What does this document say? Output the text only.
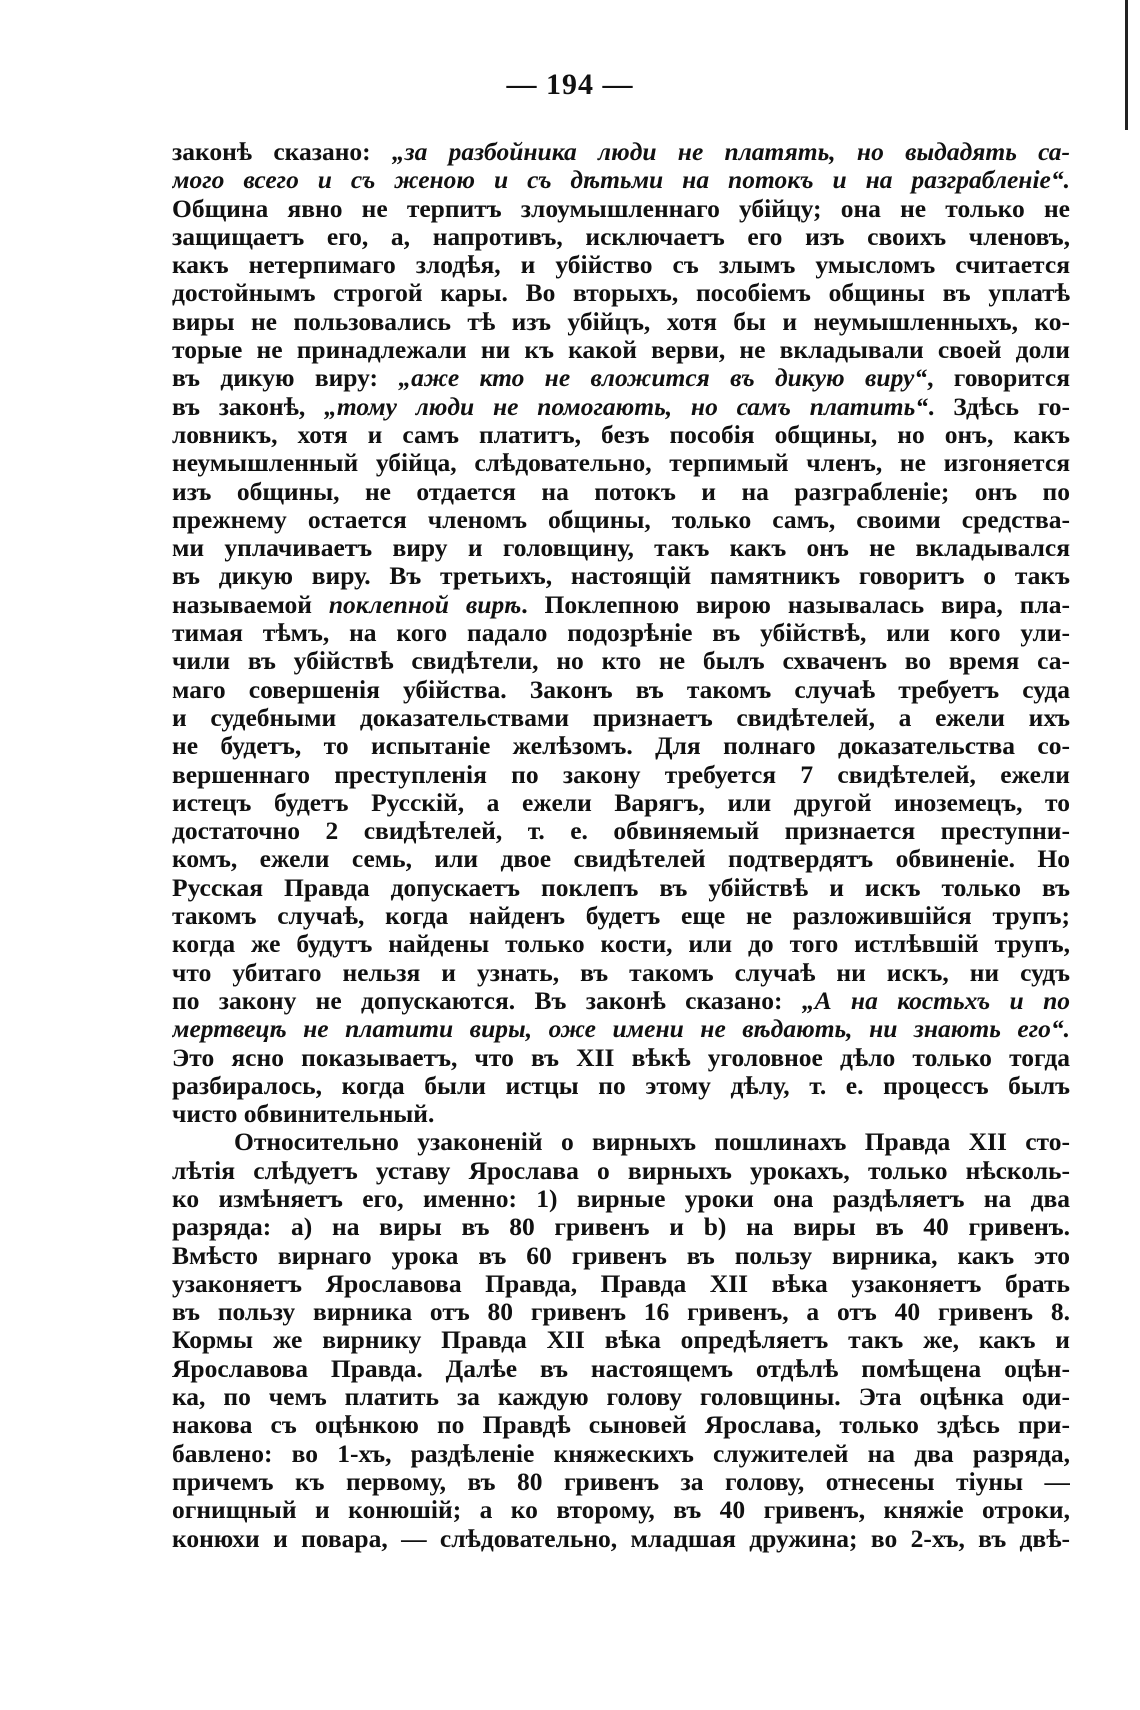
— 194 —
законѣ сказано: „за разбойника люди не платять, но выдадять са-
мого всего и съ женою и съ дѣтьми на потокъ и на разграбленіе“.
Община явно не терпитъ злоумышленнаго убійцу; она не только не
защищаетъ его, а, напротивъ, исключаетъ его изъ своихъ членовъ,
какъ нетерпимаго злодѣя, и убійство съ злымъ умысломъ считается
достойнымъ строгой кары. Во вторыхъ, пособіемъ общины въ уплатѣ
виры не пользовались тѣ изъ убійцъ, хотя бы и неумышленныхъ, ко-
торые не принадлежали ни къ какой верви, не вкладывали своей доли
въ дикую виру: „аже кто не вложится въ дикую виру“, говорится
въ законѣ, „тому люди не помогають, но самъ платить“. Здѣсь го-
ловникъ, хотя и самъ платитъ, безъ пособія общины, но онъ, какъ
неумышленный убійца, слѣдовательно, терпимый членъ, не изгоняется
изъ общины, не отдается на потокъ и на разграбленіе; онъ по
прежнему остается членомъ общины, только самъ, своими средства-
ми уплачиваетъ виру и головщину, такъ какъ онъ не вкладывался
въ дикую виру. Въ третьихъ, настоящій памятникъ говоритъ о такъ
называемой поклепной вирѣ. Поклепною вирою называлась вира, пла-
тимая тѣмъ, на кого падало подозрѣніе въ убійствѣ, или кого ули-
чили въ убійствѣ свидѣтели, но кто не былъ схваченъ во время са-
маго совершенія убійства. Законъ въ такомъ случаѣ требуетъ суда
и судебными доказательствами признаетъ свидѣтелей, а ежели ихъ
не будетъ, то испытаніе желѣзомъ. Для полнаго доказательства со-
вершеннаго преступленія по закону требуется 7 свидѣтелей, ежели
истецъ будетъ Русскій, а ежели Варягъ, или другой иноземецъ, то
достаточно 2 свидѣтелей, т. е. обвиняемый признается преступни-
комъ, ежели семь, или двое свидѣтелей подтвердятъ обвиненіе. Но
Русская Правда допускаетъ поклепъ въ убійствѣ и искъ только въ
такомъ случаѣ, когда найденъ будетъ еще не разложившійся трупъ;
когда же будутъ найдены только кости, или до того истлѣвшій трупъ,
что убитаго нельзя и узнать, въ такомъ случаѣ ни искъ, ни судъ
по закону не допускаются. Въ законѣ сказано: „А на костьхъ и по
мертвецѣ не платити виры, оже имени не вѣдають, ни знають его“.
Это ясно показываетъ, что въ XII вѣкѣ уголовное дѣло только тогда
разбиралось, когда были истцы по этому дѣлу, т. е. процессъ былъ
чисто обвинительный.
Относительно узаконеній о вирныхъ пошлинахъ Правда XII сто-
лѣтія слѣдуетъ уставу Ярослава о вирныхъ урокахъ, только нѣсколь-
ко измѣняетъ его, именно: 1) вирные уроки она раздѣляетъ на два
разряда: а) на виры въ 80 гривенъ и b) на виры въ 40 гривенъ.
Вмѣсто вирнаго урока въ 60 гривенъ въ пользу вирника, какъ это
узаконяетъ Ярославова Правда, Правда XII вѣка узаконяетъ брать
въ пользу вирника отъ 80 гривенъ 16 гривенъ, а отъ 40 гривенъ 8.
Кормы же вирнику Правда XII вѣка опредѣляетъ такъ же, какъ и
Ярославова Правда. Далѣе въ настоящемъ отдѣлѣ помѣщена оцѣн-
ка, по чемъ платить за каждую голову головщины. Эта оцѣнка оди-
накова съ оцѣнкою по Правдѣ сыновей Ярослава, только здѣсь при-
бавлено: во 1-хъ, раздѣленіе княжескихъ служителей на два разряда,
причемъ къ первому, въ 80 гривенъ за голову, отнесены тіуны —
огнищный и конюшій; а ко второму, въ 40 гривенъ, княжіе отроки,
конюхи и повара, — слѣдовательно, младшая дружина; во 2-хъ, въ двѣ-
